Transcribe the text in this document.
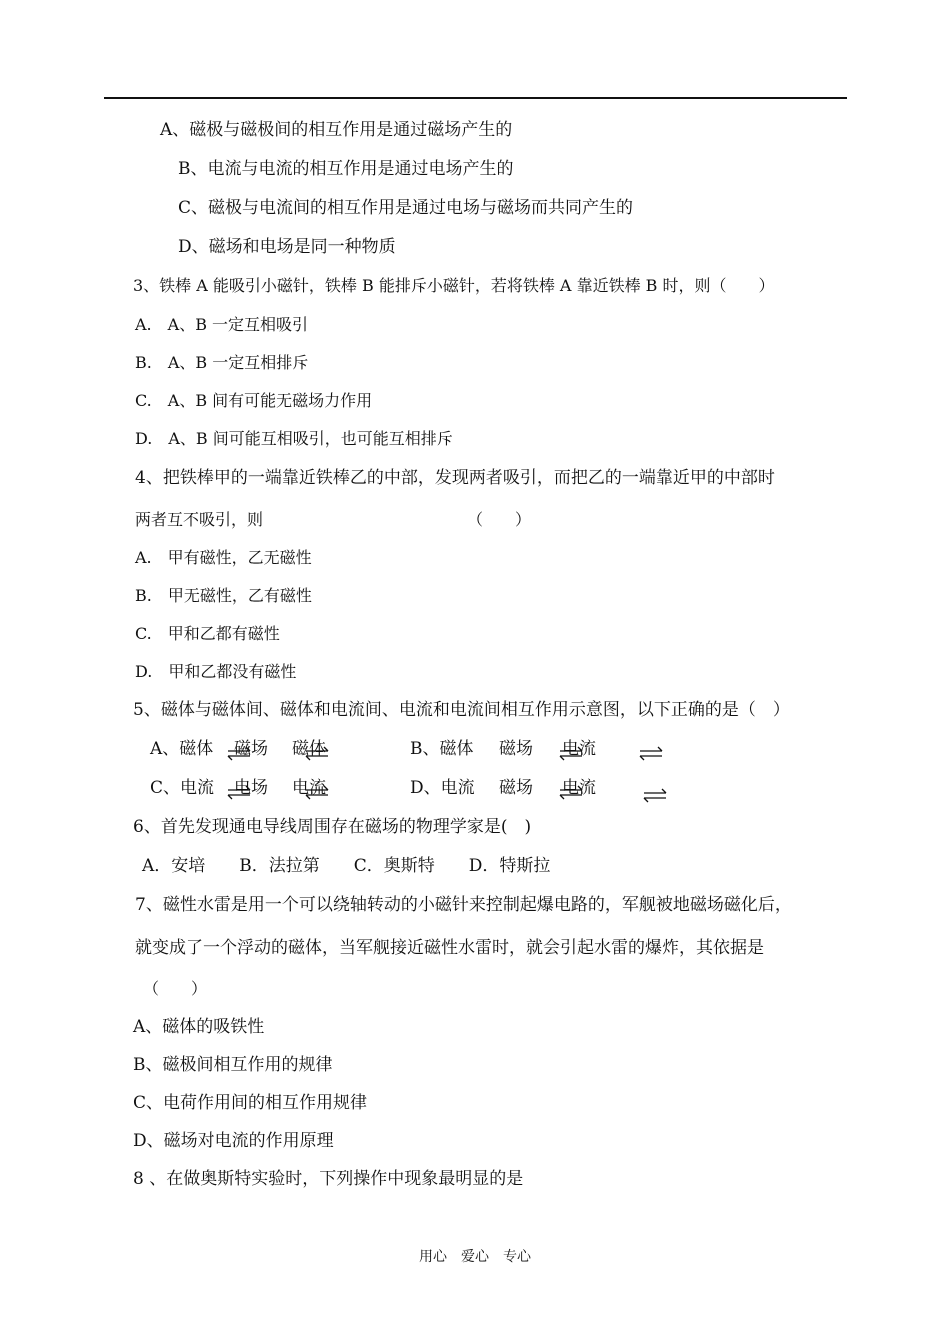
A、磁极与磁极间的相互作用是通过磁场产生的
B、电流与电流的相互作用是通过电场产生的
C、磁极与电流间的相互作用是通过电场与磁场而共同产生的
D、磁场和电场是同一种物质
3、铁棒 A 能吸引小磁针，铁棒 B 能排斥小磁针，若将铁棒 A 靠近铁棒 B 时，则（　　）
A.　A、B 一定互相吸引
B.　A、B 一定互相排斥
C.　A、B 间有可能无磁场力作用
D.　A、B 间可能互相吸引，也可能互相排斥
4、把铁棒甲的一端靠近铁棒乙的中部，发现两者吸引，而把乙的一端靠近甲的中部时
两者互不吸引，则	（　　）
A.　甲有磁性，乙无磁性
B.　甲无磁性，乙有磁性
C.　甲和乙都有磁性
D.　甲和乙都没有磁性
5、磁体与磁体间、磁体和电流间、电流和电流间相互作用示意图，以下正确的是（　）
A、磁体 磁场 磁体	B、磁体 磁场 电流
C、电流 电场 电流	D、电流 磁场 电流
6、首先发现通电导线周围存在磁场的物理学家是(　)
A．安培　　B．法拉第　　C．奥斯特　　D．特斯拉
7、磁性水雷是用一个可以绕轴转动的小磁针来控制起爆电路的，军舰被地磁场磁化后，
就变成了一个浮动的磁体，当军舰接近磁性水雷时，就会引起水雷的爆炸，其依据是
（　　）
A、磁体的吸铁性
B、磁极间相互作用的规律
C、电荷作用间的相互作用规律
D、磁场对电流的作用原理
8 、在做奥斯特实验时，下列操作中现象最明显的是
用心　爱心　专心
